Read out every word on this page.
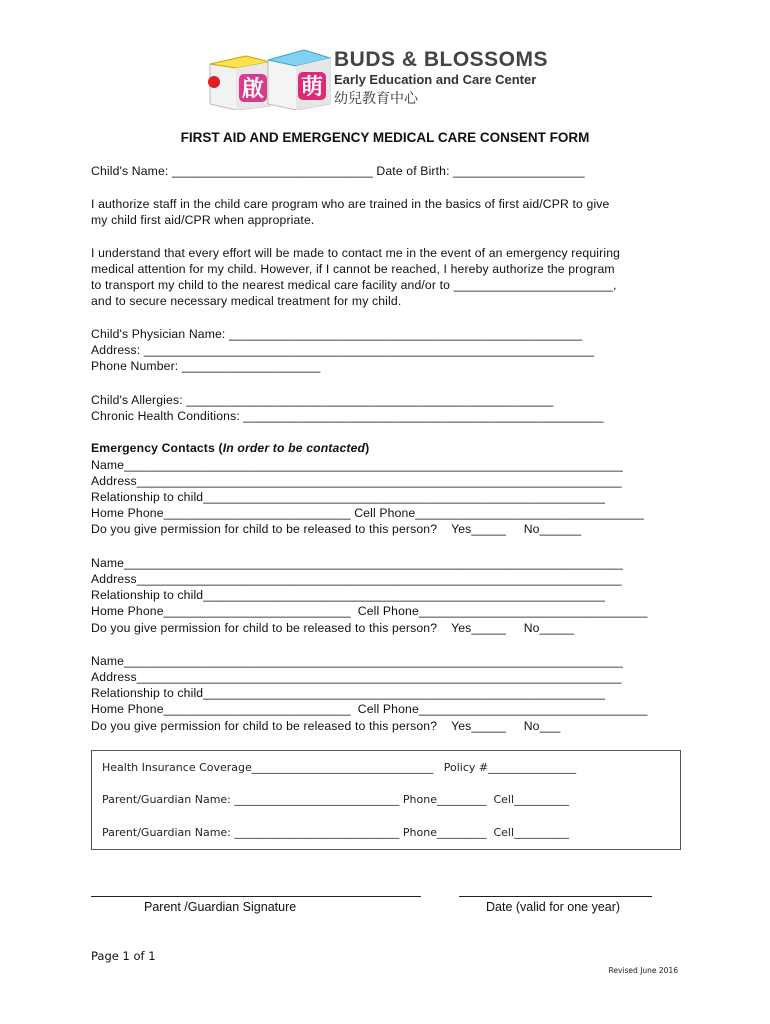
啟 萌
BUDS & BLOSSOMS
Early Education and Care Center
幼兒教育中心
FIRST AID AND EMERGENCY MEDICAL CARE CONSENT FORM
Child's Name: _____________________________ Date of Birth: ___________________
I authorize staff in the child care program who are trained in the basics of first aid/CPR to give
my child first aid/CPR when appropriate.
I understand that every effort will be made to contact me in the event of an emergency requiring
medical attention for my child. However, if I cannot be reached, I hereby authorize the program
to transport my child to the nearest medical care facility and/or to _______________________,
and to secure necessary medical treatment for my child.
Child's Physician Name: ___________________________________________________
Address: _________________________________________________________________
Phone Number: ____________________
Child's Allergies: _____________________________________________________
Chronic Health Conditions: ____________________________________________________
Emergency Contacts (In order to be contacted)
Name________________________________________________________________________
Address______________________________________________________________________
Relationship to child__________________________________________________________
Home Phone___________________________ Cell Phone_________________________________
Do you give permission for child to be released to this person?    Yes_____     No______
Name________________________________________________________________________
Address______________________________________________________________________
Relationship to child__________________________________________________________
Home Phone___________________________  Cell Phone_________________________________
Do you give permission for child to be released to this person?    Yes_____     No_____
Name________________________________________________________________________
Address______________________________________________________________________
Relationship to child__________________________________________________________
Home Phone___________________________  Cell Phone_________________________________
Do you give permission for child to be released to this person?    Yes_____     No___
Health Insurance Coverage_________________________________   Policy #________________
Parent/Guardian Name: ______________________________ Phone_________  Cell__________
Parent/Guardian Name: ______________________________ Phone_________  Cell__________
Parent /Guardian Signature	Date (valid for one year)
Page 1 of 1
Revised June 2016
